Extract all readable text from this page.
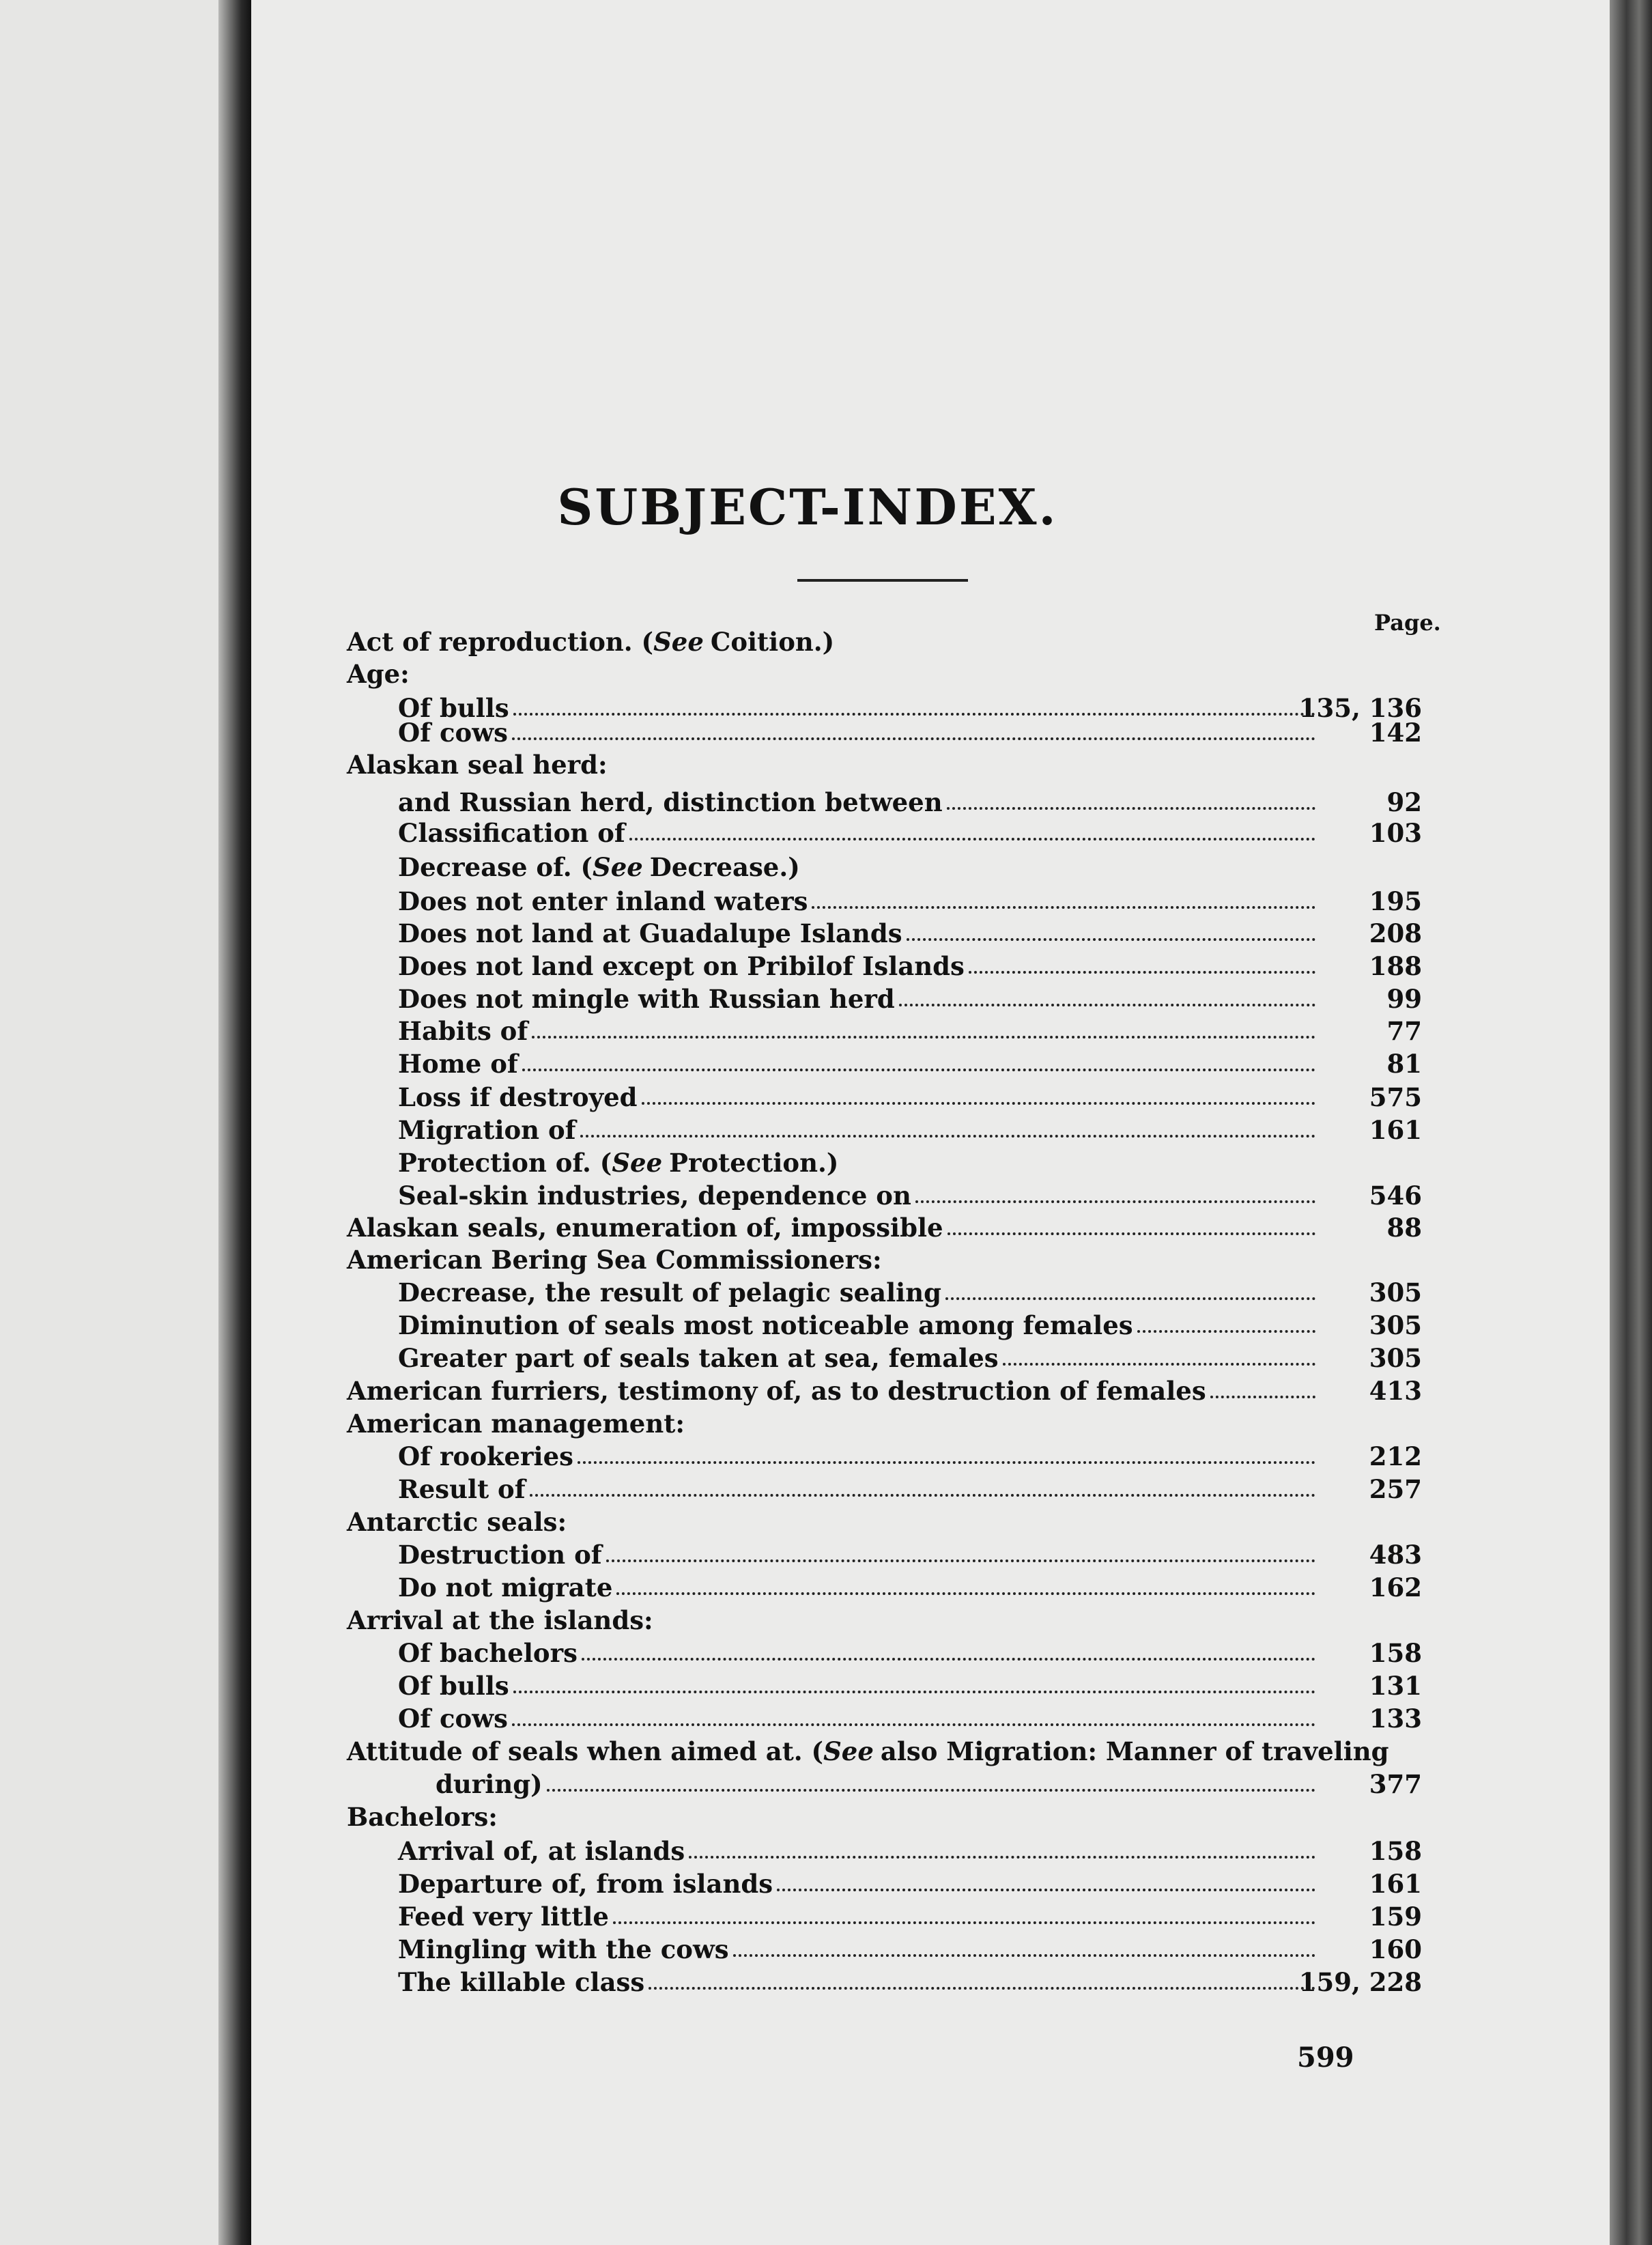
SUBJECT-INDEX.
Page.
Act of reproduction. ( See Coition.)
Age:
Of bulls	135, 136
Of cows	142
Alaskan seal herd:
and Russian herd, distinction between	92
Classification of	103
Decrease of. ( See Decrease.)
Does not enter inland waters	195
Does not land at Guadalupe Islands	208
Does not land except on Pribilof Islands	188
Does not mingle with Russian herd	99
Habits of	77
Home of	81
Loss if destroyed	575
Migration of	161
Protection of. ( See Protection.)
Seal-skin industries, dependence on	546
Alaskan seals, enumeration of, impossible	88
American Bering Sea Commissioners:
Decrease, the result of pelagic sealing	305
Diminution of seals most noticeable among females	305
Greater part of seals taken at sea, females	305
American furriers, testimony of, as to destruction of females	413
American management:
Of rookeries	212
Result of	257
Antarctic seals:
Destruction of	483
Do not migrate	162
Arrival at the islands:
Of bachelors	158
Of bulls	131
Of cows	133
Attitude of seals when aimed at. ( See also Migration: Manner of traveling
during)	377
Bachelors:
Arrival of, at islands	158
Departure of, from islands	161
Feed very little	159
Mingling with the cows	160
The killable class	159, 228
599
